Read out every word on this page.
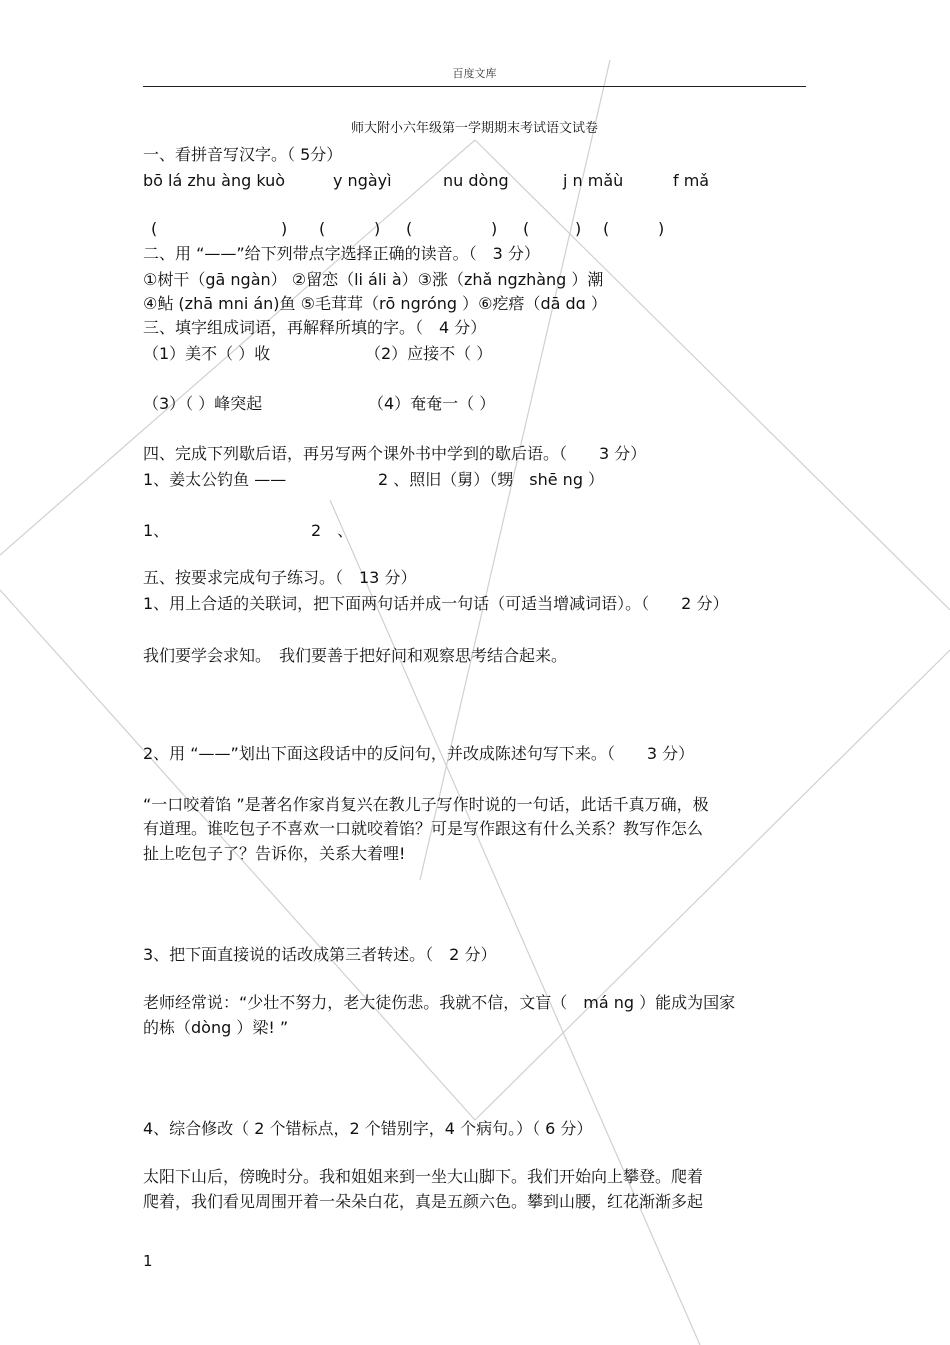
百度文库
师大附小六年级第一学期期末考试语文试卷
一、看拼音写汉字。（ 5分）
bō lá zhu àng kuò	y ngàyì	nu dòng	j n mǎù	f mǎ
(	) (	) (	) (	) (	)
二、用 “——”给下列带点字选择正确的读音。（　3 分）
①树干（gā ngàn） ②留恋（li áli à）③涨（zhǎ ngzhàng ）潮
④鲇 (zhā mni án)鱼 ⑤毛茸茸（rō ngróng ）⑥疙瘩（dā dɑ ）
三、填字组成词语，再解释所填的字。（　4 分）
（1）美不（ ）收	（2）应接不（ ）
（3）（ ）峰突起	（4）奄奄一（ ）
四、完成下列歇后语，再另写两个课外书中学到的歇后语。（　　3 分）
1、姜太公钓鱼 ——	2 、照旧（舅）（甥　shē ng ）
1、	2　、
五、按要求完成句子练习。（　13 分）
1、用上合适的关联词，把下面两句话并成一句话（可适当增减词语）。（　　2 分）
我们要学会求知。　我们要善于把好问和观察思考结合起来。
2、用 “——”划出下面这段话中的反问句，并改成陈述句写下来。（　　3 分）
“一口咬着馅 ”是著名作家肖复兴在教儿子写作时说的一句话，此话千真万确，极
有道理。谁吃包子不喜欢一口就咬着馅？可是写作跟这有什么关系？教写作怎么
扯上吃包子了？告诉你，关系大着哩!
3、把下面直接说的话改成第三者转述。（　2 分）
老师经常说：“少壮不努力，老大徒伤悲。我就不信，文盲（　má ng ）能成为国家
的栋（dòng ）梁! ”
4、综合修改（ 2 个错标点，2 个错别字，4 个病句。）（ 6 分）
太阳下山后，傍晚时分。我和姐姐来到一坐大山脚下。我们开始向上攀登。爬着
爬着，我们看见周围开着一朵朵白花，真是五颜六色。攀到山腰，红花渐渐多起
1
